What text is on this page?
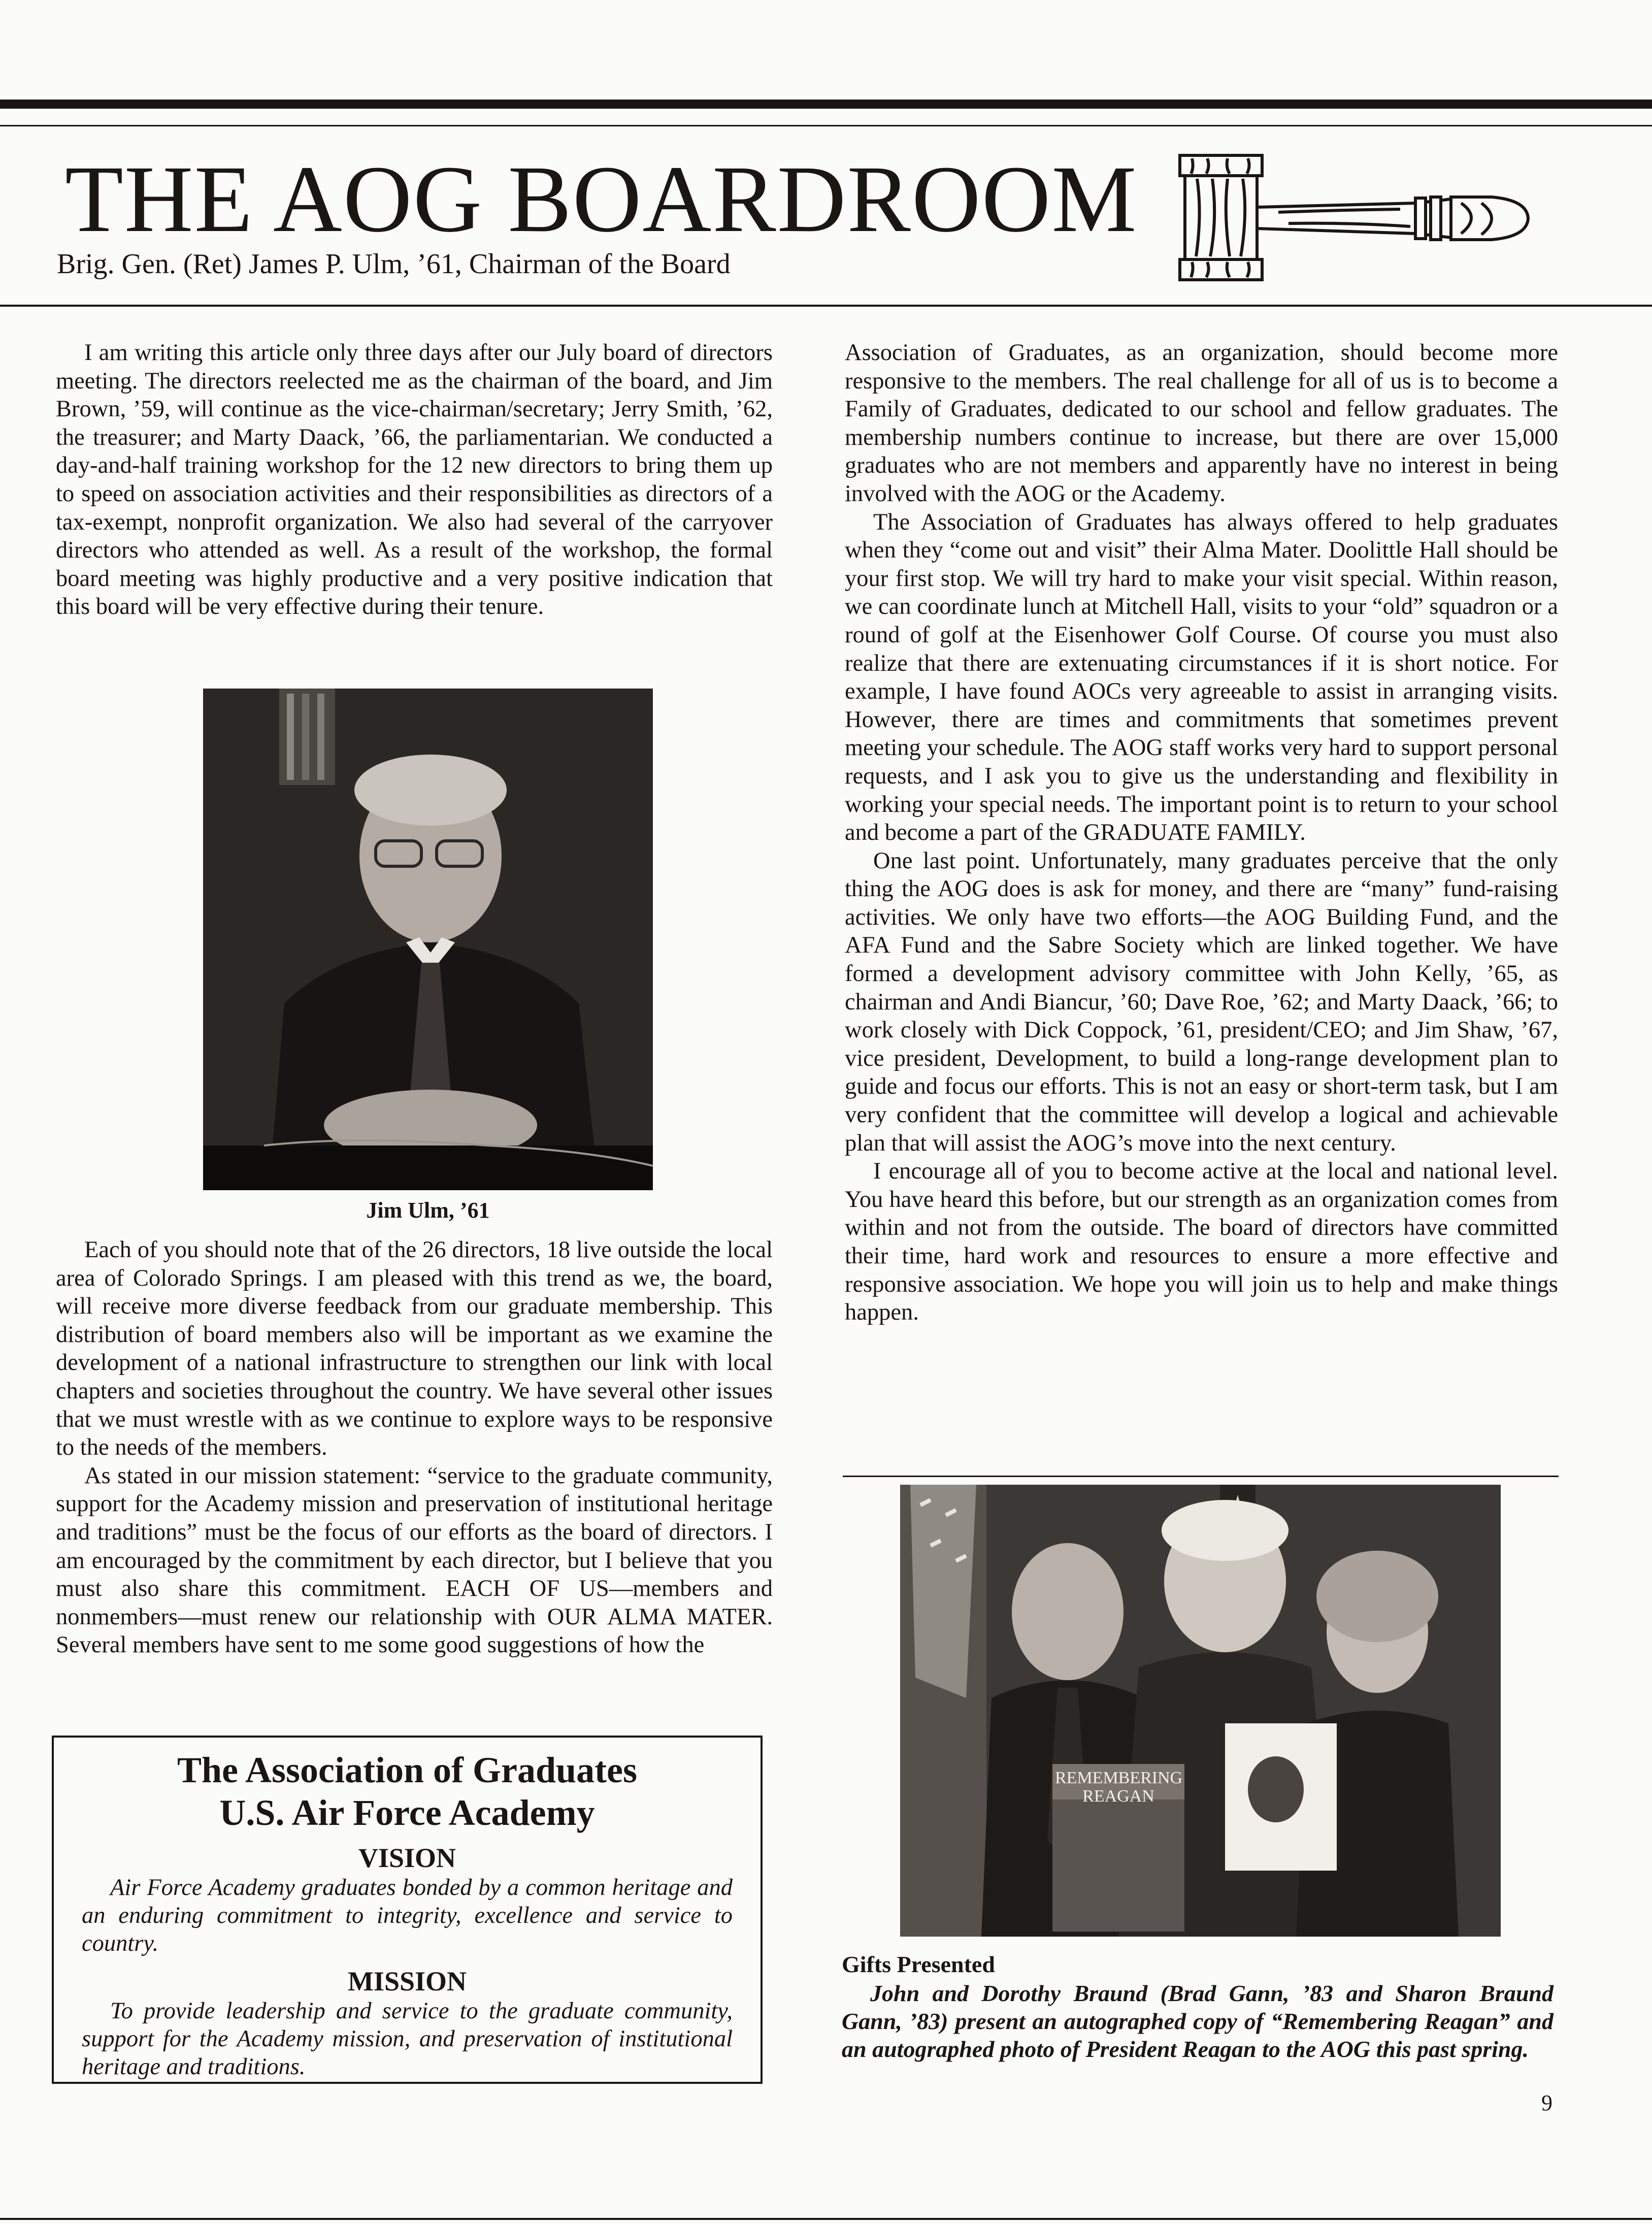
THE AOG BOARDROOM
Brig. Gen. (Ret) James P. Ulm, ’61, Chairman of the Board

I am writing this article only three days after our July board of directors meeting. The directors reelected me as the chairman of the board, and Jim Brown, ’59, will continue as the vice-chairman/secretary; Jerry Smith, ’62, the treasurer; and Marty Daack, ’66, the parliamentarian. We conducted a day-and-half training workshop for the 12 new directors to bring them up to speed on association activities and their responsibilities as directors of a tax-exempt, nonprofit organization. We also had several of the carryover directors who attended as well. As a result of the workshop, the formal board meeting was highly productive and a very positive indication that this board will be very effective during their tenure.

Jim Ulm, ’61

Each of you should note that of the 26 directors, 18 live outside the local area of Colorado Springs. I am pleased with this trend as we, the board, will receive more diverse feedback from our graduate membership. This distribution of board members also will be important as we examine the development of a national infrastructure to strengthen our link with local chapters and societies throughout the country. We have several other issues that we must wrestle with as we continue to explore ways to be responsive to the needs of the members.

As stated in our mission statement: “service to the graduate community, support for the Academy mission and preservation of institutional heritage and traditions” must be the focus of our efforts as the board of directors. I am encouraged by the commitment by each director, but I believe that you must also share this commitment. EACH OF US—members and nonmembers—must renew our relationship with OUR ALMA MATER. Several members have sent to me some good suggestions of how the

The Association of Graduates
U.S. Air Force Academy
VISION
Air Force Academy graduates bonded by a common heritage and an enduring commitment to integrity, excellence and service to country.
MISSION
To provide leadership and service to the graduate community, support for the Academy mission, and preservation of institutional heritage and traditions.

Association of Graduates, as an organization, should become more responsive to the members. The real challenge for all of us is to become a Family of Graduates, dedicated to our school and fellow graduates. The membership numbers continue to increase, but there are over 15,000 graduates who are not members and apparently have no interest in being involved with the AOG or the Academy.

The Association of Graduates has always offered to help graduates when they “come out and visit” their Alma Mater. Doolittle Hall should be your first stop. We will try hard to make your visit special. Within reason, we can coordinate lunch at Mitchell Hall, visits to your “old” squadron or a round of golf at the Eisenhower Golf Course. Of course you must also realize that there are extenuating circumstances if it is short notice. For example, I have found AOCs very agreeable to assist in arranging visits. However, there are times and commitments that sometimes prevent meeting your schedule. The AOG staff works very hard to support personal requests, and I ask you to give us the understanding and flexibility in working your special needs. The important point is to return to your school and become a part of the GRADUATE FAMILY.

One last point. Unfortunately, many graduates perceive that the only thing the AOG does is ask for money, and there are “many” fund-raising activities. We only have two efforts—the AOG Building Fund, and the AFA Fund and the Sabre Society which are linked together. We have formed a development advisory committee with John Kelly, ’65, as chairman and Andi Biancur, ’60; Dave Roe, ’62; and Marty Daack, ’66; to work closely with Dick Coppock, ’61, president/CEO; and Jim Shaw, ’67, vice president, Development, to build a long-range development plan to guide and focus our efforts. This is not an easy or short-term task, but I am very confident that the committee will develop a logical and achievable plan that will assist the AOG’s move into the next century.

I encourage all of you to become active at the local and national level. You have heard this before, but our strength as an organization comes from within and not from the outside. The board of directors have committed their time, hard work and resources to ensure a more effective and responsive association. We hope you will join us to help and make things happen.

REMEMBERING REAGAN
Gifts Presented
John and Dorothy Braund (Brad Gann, ’83 and Sharon Braund Gann, ’83) present an autographed copy of “Remembering Reagan” and an autographed photo of President Reagan to the AOG this past spring.
9
